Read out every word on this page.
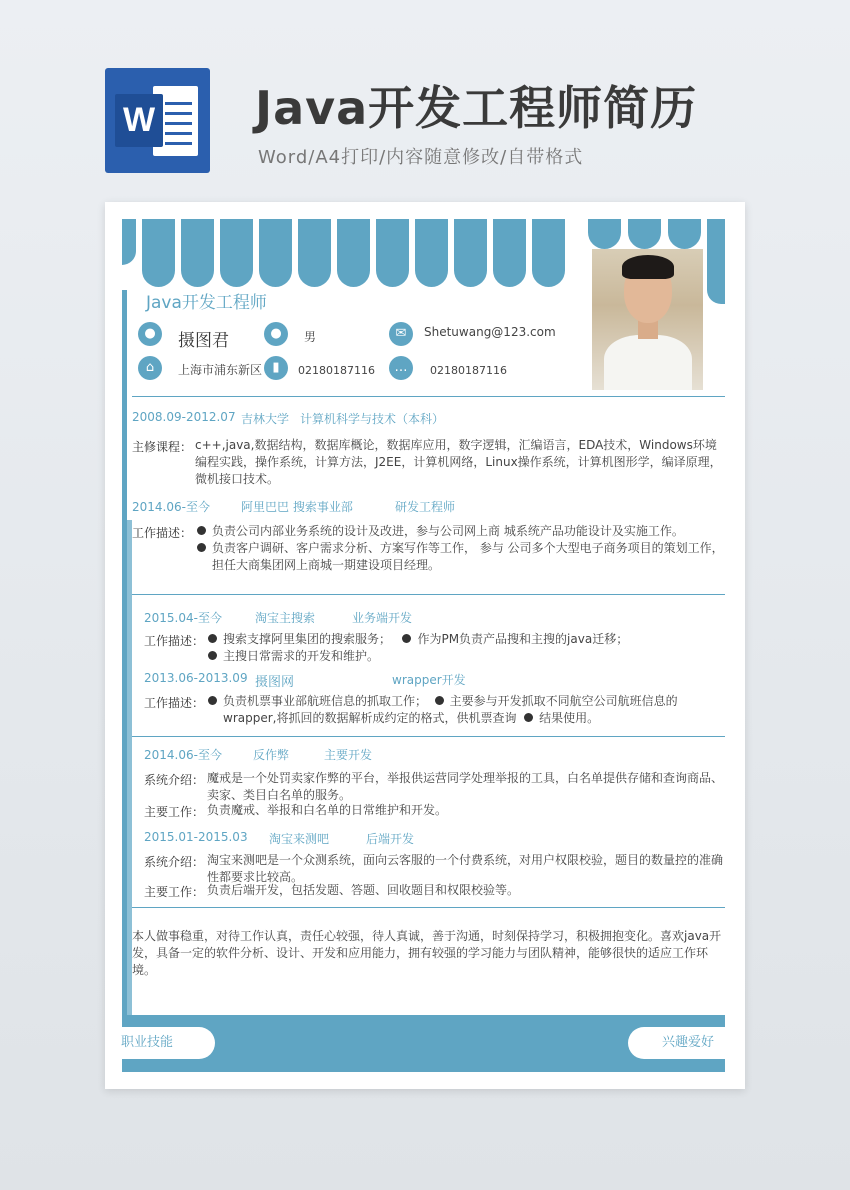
W Java开发工程师简历
Word/A4打印/内容随意修改/自带格式
Java开发工程师
●	摄图君	●	男	✉	Shetuwang@123.com
⌂	上海市浦东新区 ▮	02180187116	…	02180187116
2008.09-2012.07 吉林大学 计算机科学与技术（本科）
主修课程： c++,java,数据结构，数据库概论，数据库应用，数字逻辑，汇编语言，EDA技术，Windows环境编程实践，操作系统，计算方法，J2EE，计算机网络，Linux操作系统，计算机图形学，编译原理，微机接口技术。
2014.06-至今	阿里巴巴 搜索事业部	研发工程师
工作描述：	负责公司内部业务系统的设计及改进，参与公司网上商 城系统产品功能设计及实施工作。
负责客户调研、客户需求分析、方案写作等工作， 参与 公司多个大型电子商务项目的策划工作，担任大商集团网上商城一期建设项目经理。
2015.04-至今	淘宝主搜索	业务端开发
工作描述：	搜索支撑阿里集团的搜索服务； 作为PM负责产品搜和主搜的java迁移；
主搜日常需求的开发和维护。
2013.06-2013.09 摄图网	wrapper开发
工作描述：	负责机票事业部航班信息的抓取工作； 主要参与开发抓取不同航空公司航班信息的wrapper,将抓回的数据解析成约定的格式，供机票查询 结果使用。
2014.06-至今	反作弊	主要开发
系统介绍： 魔戒是一个处罚卖家作弊的平台，举报供运营同学处理举报的工具，白名单提供存储和查询商品、卖家、类目白名单的服务。
主要工作： 负责魔戒、举报和白名单的日常维护和开发。
2015.01-2015.03 淘宝来测吧	后端开发
系统介绍： 淘宝来测吧是一个众测系统，面向云客服的一个付费系统，对用户权限校验，题目的数量控的准确性都要求比较高。
主要工作： 负责后端开发，包括发题、答题、回收题目和权限校验等。
本人做事稳重，对待工作认真，责任心较强，待人真诚，善于沟通，时刻保持学习，积极拥抱变化。喜欢java开发，具备一定的软件分析、设计、开发和应用能力，拥有较强的学习能力与团队精神，能够很快的适应工作环境。
职业技能	兴趣爱好
